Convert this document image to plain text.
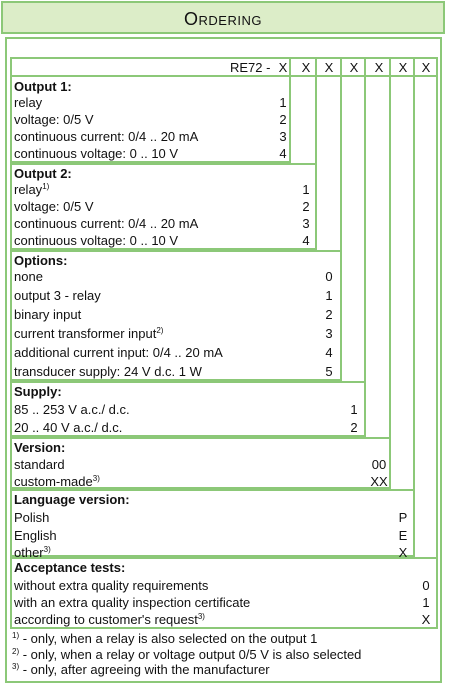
Ordering
RE72 - X X X X X X X
Output 1:
relay	1
voltage: 0/5 V	2
continuous current: 0/4 .. 20 mA	3
continuous voltage: 0 .. 10 V	4
Output 2:
relay$^{1)}$	1
voltage: 0/5 V	2
continuous current: 0/4 .. 20 mA	3
continuous voltage: 0 .. 10 V	4
Options:
none	0
output 3 - relay	1
binary input	2
current transformer input$^{2)}$	3
additional current input: 0/4 .. 20 mA	4
transducer supply: 24 V d.c. 1 W	5
Supply:
85 .. 253 V a.c./ d.c.	1
20 .. 40 V a.c./ d.c.	2
Version:
standard	00
custom-made$^{3)}$	XX
Language version:
Polish	P
English	E
other$^{3)}$	X
Acceptance tests:
without extra quality requirements	0
with an extra quality inspection certificate	1
according to customer's request$^{3)}$	X
$^{1)}$ - only, when a relay is also selected on the output 1
$^{2)}$ - only, when a relay or voltage output 0/5 V is also selected
$^{3)}$ - only, after agreeing with the manufacturer
